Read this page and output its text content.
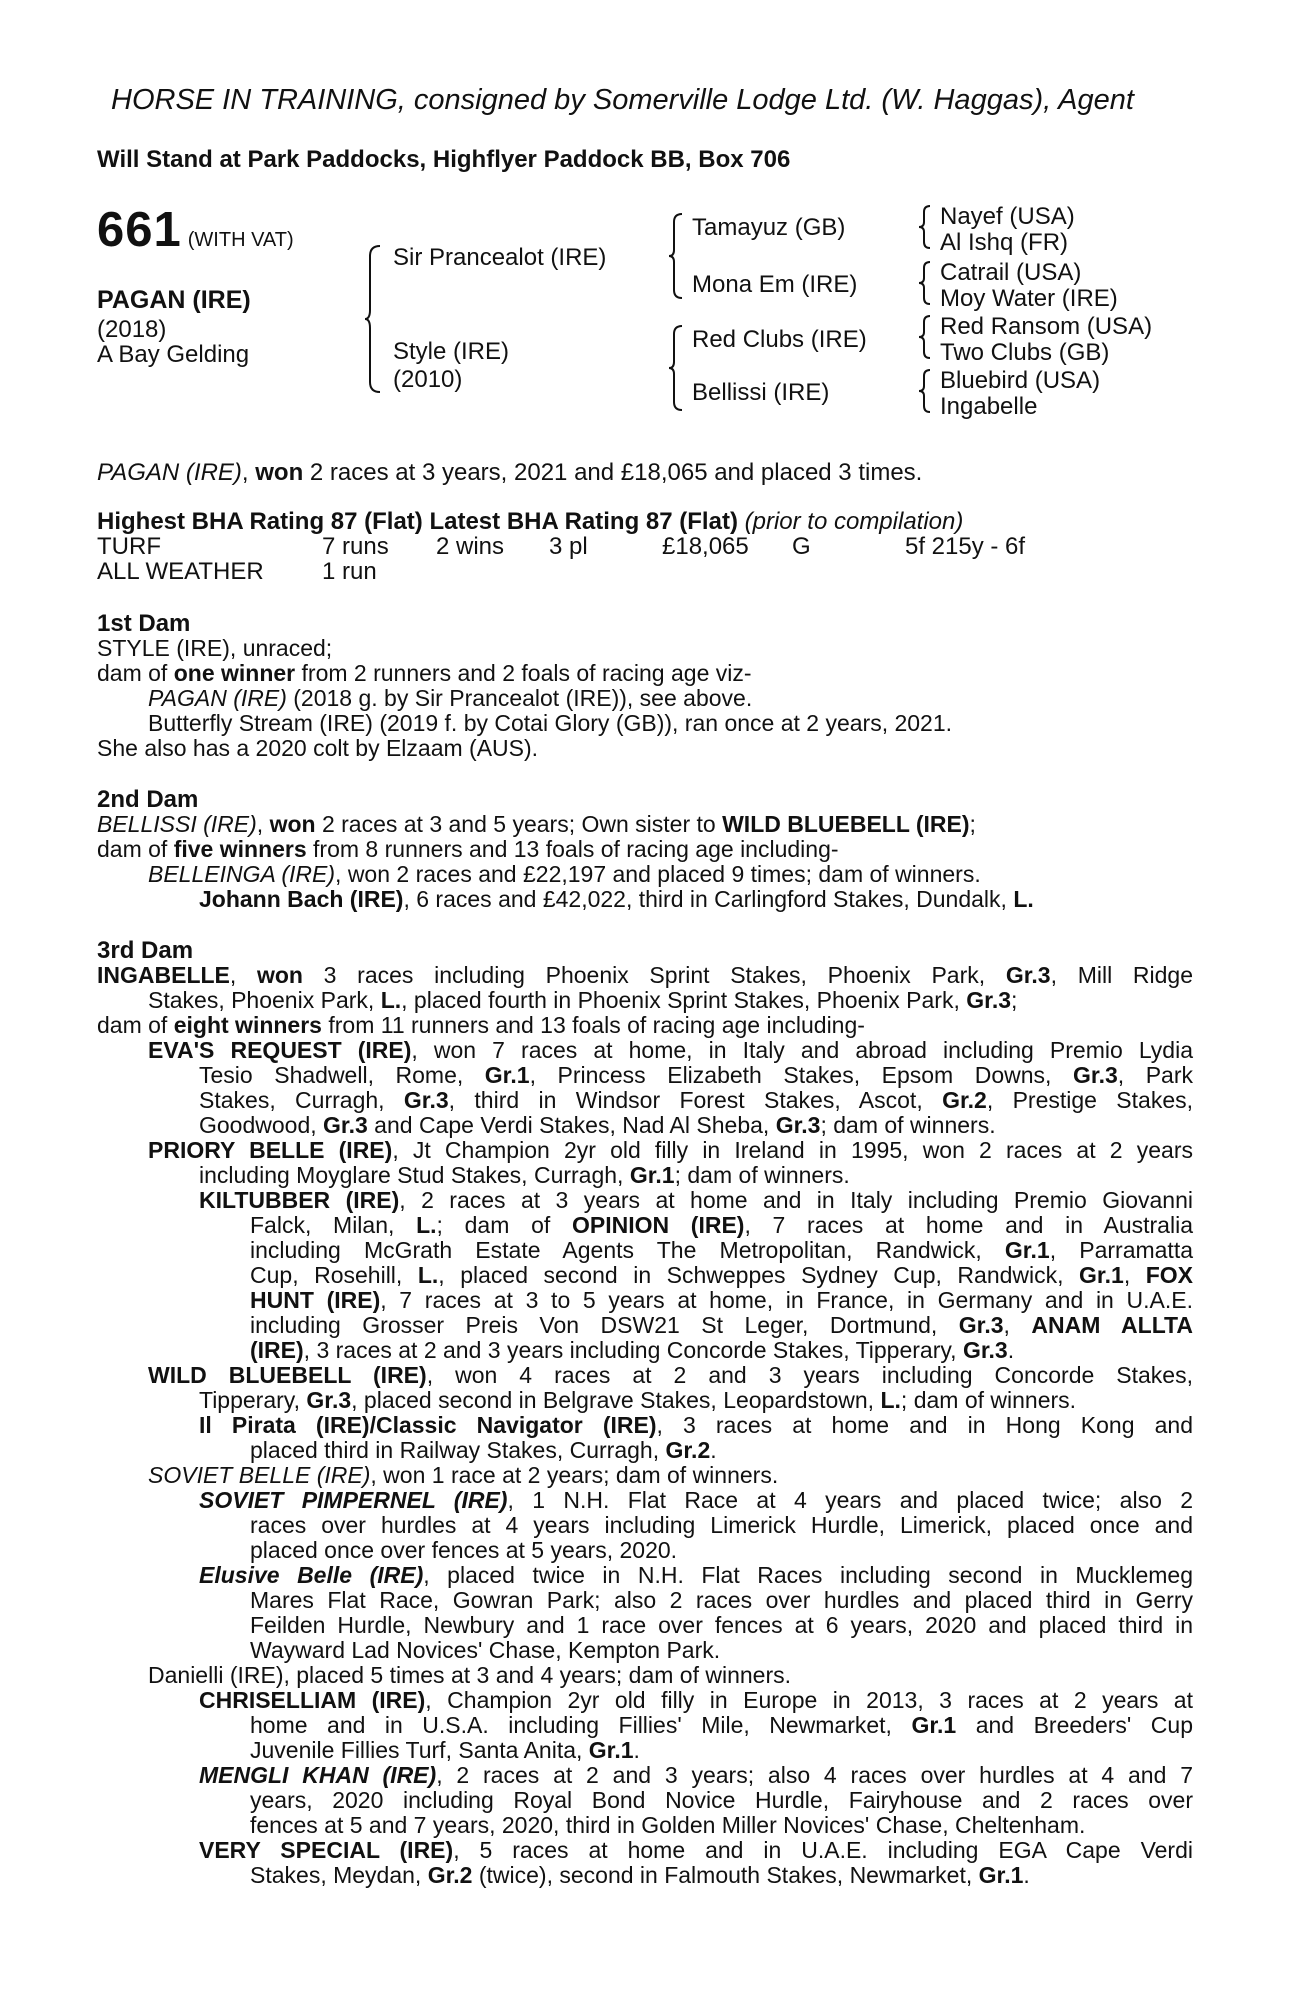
HORSE IN TRAINING, consigned by Somerville Lodge Ltd. (W. Haggas), Agent
Will Stand at Park Paddocks, Highflyer Paddock BB, Box 706
661 (WITH VAT)
PAGAN (IRE)
(2018)
A Bay Gelding
Sir Prancealot (IRE)
Style (IRE)
(2010)
Tamayuz (GB)
Mona Em (IRE)
Red Clubs (IRE)
Bellissi (IRE)
Nayef (USA)
Al Ishq (FR)
Catrail (USA)
Moy Water (IRE)
Red Ransom (USA)
Two Clubs (GB)
Bluebird (USA)
Ingabelle
PAGAN (IRE), won 2 races at 3 years, 2021 and £18,065 and placed 3 times.
Highest BHA Rating 87 (Flat) Latest BHA Rating 87 (Flat) (prior to compilation)
TURF	7 runs 2 wins 3 pl	£18,065 G	5f 215y - 6f
ALL WEATHER 1 run
1st Dam
STYLE (IRE), unraced;
dam of one winner from 2 runners and 2 foals of racing age viz-
PAGAN (IRE) (2018 g. by Sir Prancealot (IRE)), see above.
Butterfly Stream (IRE) (2019 f. by Cotai Glory (GB)), ran once at 2 years, 2021.
She also has a 2020 colt by Elzaam (AUS).
2nd Dam
BELLISSI (IRE), won 2 races at 3 and 5 years; Own sister to WILD BLUEBELL (IRE);
dam of five winners from 8 runners and 13 foals of racing age including-
BELLEINGA (IRE), won 2 races and £22,197 and placed 9 times; dam of winners.
Johann Bach (IRE), 6 races and £42,022, third in Carlingford Stakes, Dundalk, L.
3rd Dam
INGABELLE, won 3 races including Phoenix Sprint Stakes, Phoenix Park, Gr.3, Mill Ridge
Stakes, Phoenix Park, L., placed fourth in Phoenix Sprint Stakes, Phoenix Park, Gr.3;
dam of eight winners from 11 runners and 13 foals of racing age including-
EVA'S REQUEST (IRE), won 7 races at home, in Italy and abroad including Premio Lydia
Tesio Shadwell, Rome, Gr.1, Princess Elizabeth Stakes, Epsom Downs, Gr.3, Park
Stakes, Curragh, Gr.3, third in Windsor Forest Stakes, Ascot, Gr.2, Prestige Stakes,
Goodwood, Gr.3 and Cape Verdi Stakes, Nad Al Sheba, Gr.3; dam of winners.
PRIORY BELLE (IRE), Jt Champion 2yr old filly in Ireland in 1995, won 2 races at 2 years
including Moyglare Stud Stakes, Curragh, Gr.1; dam of winners.
KILTUBBER (IRE), 2 races at 3 years at home and in Italy including Premio Giovanni
Falck, Milan, L.; dam of OPINION (IRE), 7 races at home and in Australia
including McGrath Estate Agents The Metropolitan, Randwick, Gr.1, Parramatta
Cup, Rosehill, L., placed second in Schweppes Sydney Cup, Randwick, Gr.1, FOX
HUNT (IRE), 7 races at 3 to 5 years at home, in France, in Germany and in U.A.E.
including Grosser Preis Von DSW21 St Leger, Dortmund, Gr.3, ANAM ALLTA
(IRE), 3 races at 2 and 3 years including Concorde Stakes, Tipperary, Gr.3.
WILD BLUEBELL (IRE), won 4 races at 2 and 3 years including Concorde Stakes,
Tipperary, Gr.3, placed second in Belgrave Stakes, Leopardstown, L.; dam of winners.
Il Pirata (IRE)/Classic Navigator (IRE), 3 races at home and in Hong Kong and
placed third in Railway Stakes, Curragh, Gr.2.
SOVIET BELLE (IRE), won 1 race at 2 years; dam of winners.
SOVIET PIMPERNEL (IRE), 1 N.H. Flat Race at 4 years and placed twice; also 2
races over hurdles at 4 years including Limerick Hurdle, Limerick, placed once and
placed once over fences at 5 years, 2020.
Elusive Belle (IRE), placed twice in N.H. Flat Races including second in Mucklemeg
Mares Flat Race, Gowran Park; also 2 races over hurdles and placed third in Gerry
Feilden Hurdle, Newbury and 1 race over fences at 6 years, 2020 and placed third in
Wayward Lad Novices' Chase, Kempton Park.
Danielli (IRE), placed 5 times at 3 and 4 years; dam of winners.
CHRISELLIAM (IRE), Champion 2yr old filly in Europe in 2013, 3 races at 2 years at
home and in U.S.A. including Fillies' Mile, Newmarket, Gr.1 and Breeders' Cup
Juvenile Fillies Turf, Santa Anita, Gr.1.
MENGLI KHAN (IRE), 2 races at 2 and 3 years; also 4 races over hurdles at 4 and 7
years, 2020 including Royal Bond Novice Hurdle, Fairyhouse and 2 races over
fences at 5 and 7 years, 2020, third in Golden Miller Novices' Chase, Cheltenham.
VERY SPECIAL (IRE), 5 races at home and in U.A.E. including EGA Cape Verdi
Stakes, Meydan, Gr.2 (twice), second in Falmouth Stakes, Newmarket, Gr.1.
